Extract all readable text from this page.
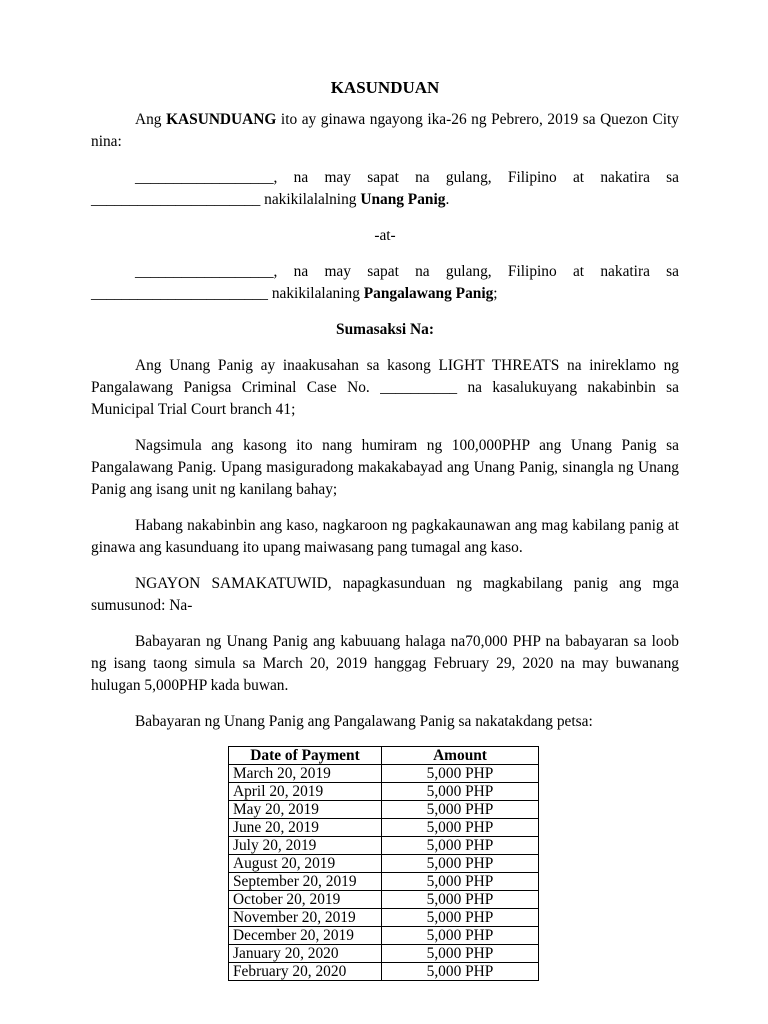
KASUNDUAN

Ang KASUNDUANG ito ay ginawa ngayong ika-26 ng Pebrero, 2019 sa Quezon City nina:

__________________, na may sapat na gulang, Filipino at nakatira sa ______________________ nakikilalalning Unang Panig.

-at-

__________________, na may sapat na gulang, Filipino at nakatira sa _______________________ nakikilalaning Pangalawang Panig;

Sumasaksi Na:

Ang Unang Panig ay inaakusahan sa kasong LIGHT THREATS na inireklamo ng Pangalawang Panigsa Criminal Case No. __________ na kasalukuyang nakabinbin sa Municipal Trial Court branch 41;

Nagsimula ang kasong ito nang humiram ng 100,000PHP ang Unang Panig sa Pangalawang Panig. Upang masiguradong makakabayad ang Unang Panig, sinangla ng Unang Panig ang isang unit ng kanilang bahay;

Habang nakabinbin ang kaso, nagkaroon ng pagkakaunawan ang mag kabilang panig at ginawa ang kasunduang ito upang maiwasang pang tumagal ang kaso.

NGAYON SAMAKATUWID, napagkasunduan ng magkabilang panig ang mga sumusunod: Na-

Babayaran ng Unang Panig ang kabuuang halaga na70,000 PHP na babayaran sa loob ng isang taong simula sa March 20, 2019 hanggag February 29, 2020 na may buwanang hulugan 5,000PHP kada buwan.

Babayaran ng Unang Panig ang Pangalawang Panig sa nakatakdang petsa:

Date of Payment	Amount
March 20, 2019	5,000 PHP
April 20, 2019	5,000 PHP
May 20, 2019	5,000 PHP
June 20, 2019	5,000 PHP
July 20, 2019	5,000 PHP
August 20, 2019	5,000 PHP
September 20, 2019	5,000 PHP
October 20, 2019	5,000 PHP
November 20, 2019	5,000 PHP
December 20, 2019	5,000 PHP
January 20, 2020	5,000 PHP
February 20, 2020	5,000 PHP
